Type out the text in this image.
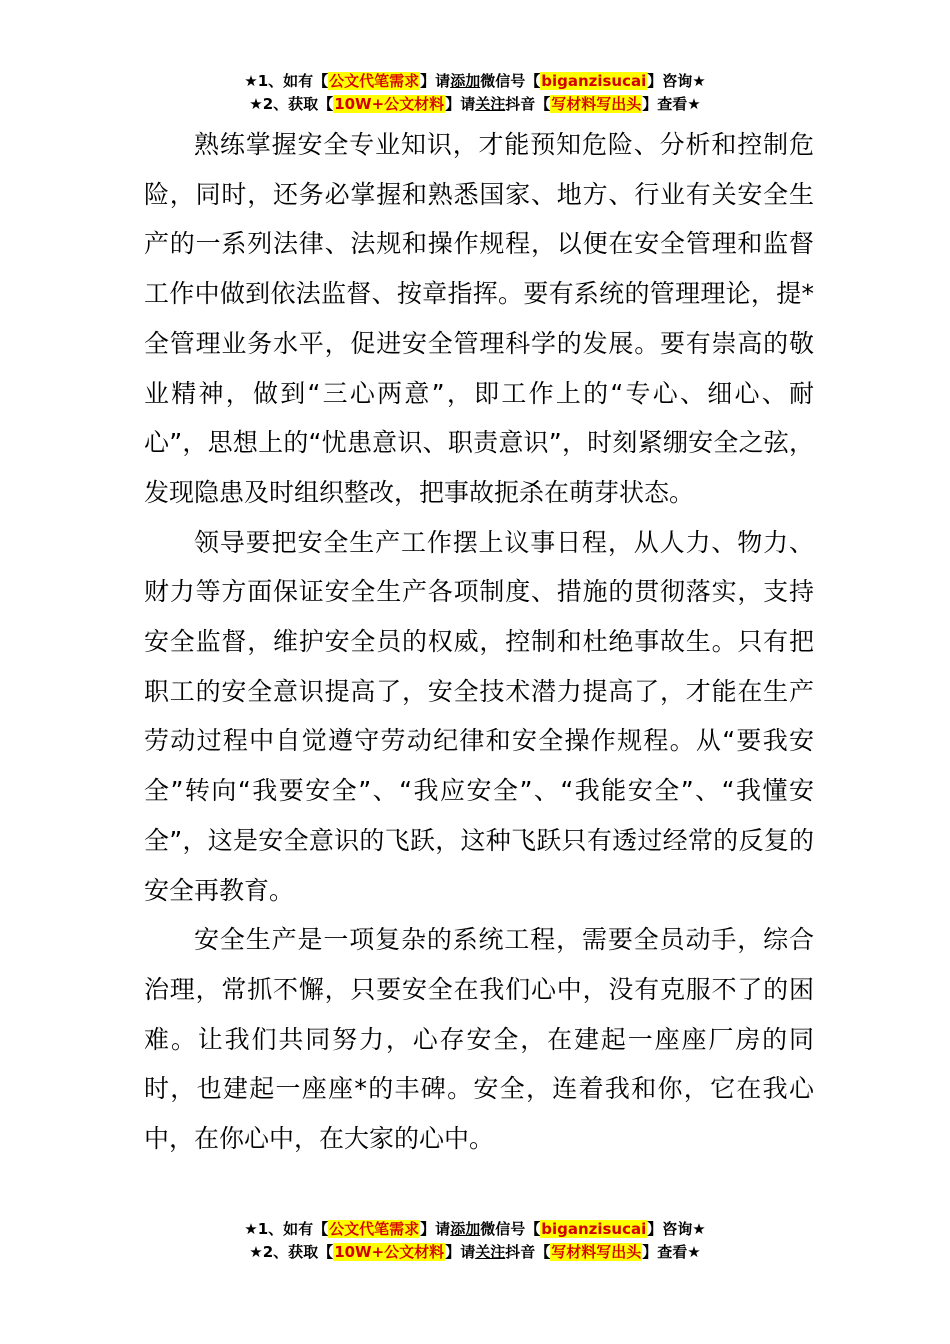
★1、如有【公文代笔需求】请添加微信号【biganzisucai】咨询★
★2、获取【10W+公文材料】请关注抖音【写材料写出头】查看★

熟练掌握安全专业知识，才能预知危险、分析和控制危险，同时，还务必掌握和熟悉国家、地方、行业有关安全生产的一系列法律、法规和操作规程，以便在安全管理和监督工作中做到依法监督、按章指挥。要有系统的管理理论，提*全管理业务水平，促进安全管理科学的发展。要有崇高的敬业精神，做到“三心两意”，即工作上的“专心、细心、耐心”，思想上的“忧患意识、职责意识”，时刻紧绷安全之弦，发现隐患及时组织整改，把事故扼杀在萌芽状态。

领导要把安全生产工作摆上议事日程，从人力、物力、财力等方面保证安全生产各项制度、措施的贯彻落实，支持安全监督，维护安全员的权威，控制和杜绝事故生。只有把职工的安全意识提高了，安全技术潜力提高了，才能在生产劳动过程中自觉遵守劳动纪律和安全操作规程。从“要我安全”转向“我要安全”、“我应安全”、“我能安全”、“我懂安全”，这是安全意识的飞跃，这种飞跃只有透过经常的反复的安全再教育。

安全生产是一项复杂的系统工程，需要全员动手，综合治理，常抓不懈，只要安全在我们心中，没有克服不了的困难。让我们共同努力，心存安全，在建起一座座厂房的同时，也建起一座座*的丰碑。安全，连着我和你，它在我心中，在你心中，在大家的心中。

★1、如有【公文代笔需求】请添加微信号【biganzisucai】咨询★
★2、获取【10W+公文材料】请关注抖音【写材料写出头】查看★
